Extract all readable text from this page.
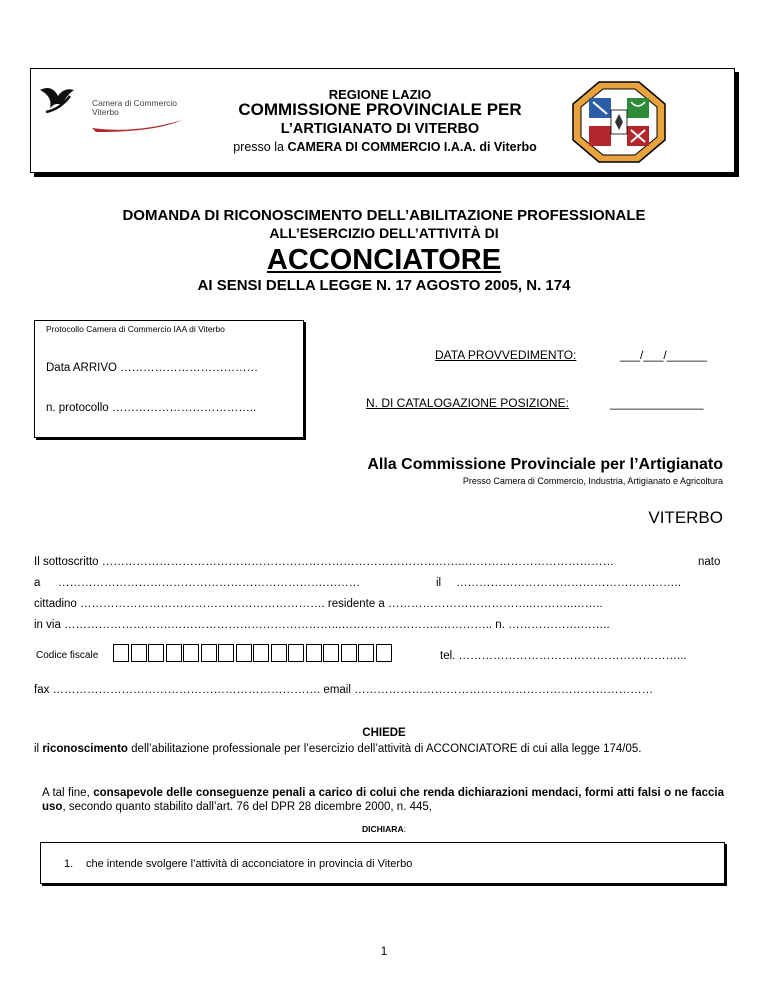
Camera di Commercio
Viterbo
REGIONE LAZIO
COMMISSIONE PROVINCIALE PER
L’ARTIGIANATO DI VITERBO
presso la CAMERA DI COMMERCIO I.A.A. di Viterbo
DOMANDA DI RICONOSCIMENTO DELL’ABILITAZIONE PROFESSIONALE
ALL’ESERCIZIO DELL’ATTIVITÀ DI
ACCONCIATORE
AI SENSI DELLA LEGGE N. 17 AGOSTO 2005, N. 174
Protocollo Camera di Commercio IAA di Viterbo
Data ARRIVO ………………………………
n. protocollo ………………………………..
DATA PROVVEDIMENTO:	___/___/______
N. DI CATALOGAZIONE POSIZIONE:	______________
Alla Commissione Provinciale per l’Artigianato
Presso Camera di Commercio, Industria, Artigianato e Agricoltura
VITERBO
Il sottoscritto …………………………………………………………………………………..…………………………………	nato
a …………………………………………………………….………	il …………………………………………………..
cittadino ………………………………………………………. residente a ………………………………..………..……..
in via ……………………….……………………………………...……………………..………….. n. ……………….……..
Codice fiscale	tel. …………………………………………………...
fax ……………………………………………………………. email ……………………………………………………………………
CHIEDE
il riconoscimento dell’abilitazione professionale per l’esercizio dell’attività di ACCONCIATORE di cui alla legge 174/05.
A tal fine, consapevole delle conseguenze penali a carico di colui che renda dichiarazioni mendaci, formi atti falsi o ne faccia uso, secondo quanto stabilito dall’art. 76 del DPR 28 dicembre 2000, n. 445,
DICHIARA:
1. che intende svolgere l’attività di acconciatore in provincia di Viterbo
1
